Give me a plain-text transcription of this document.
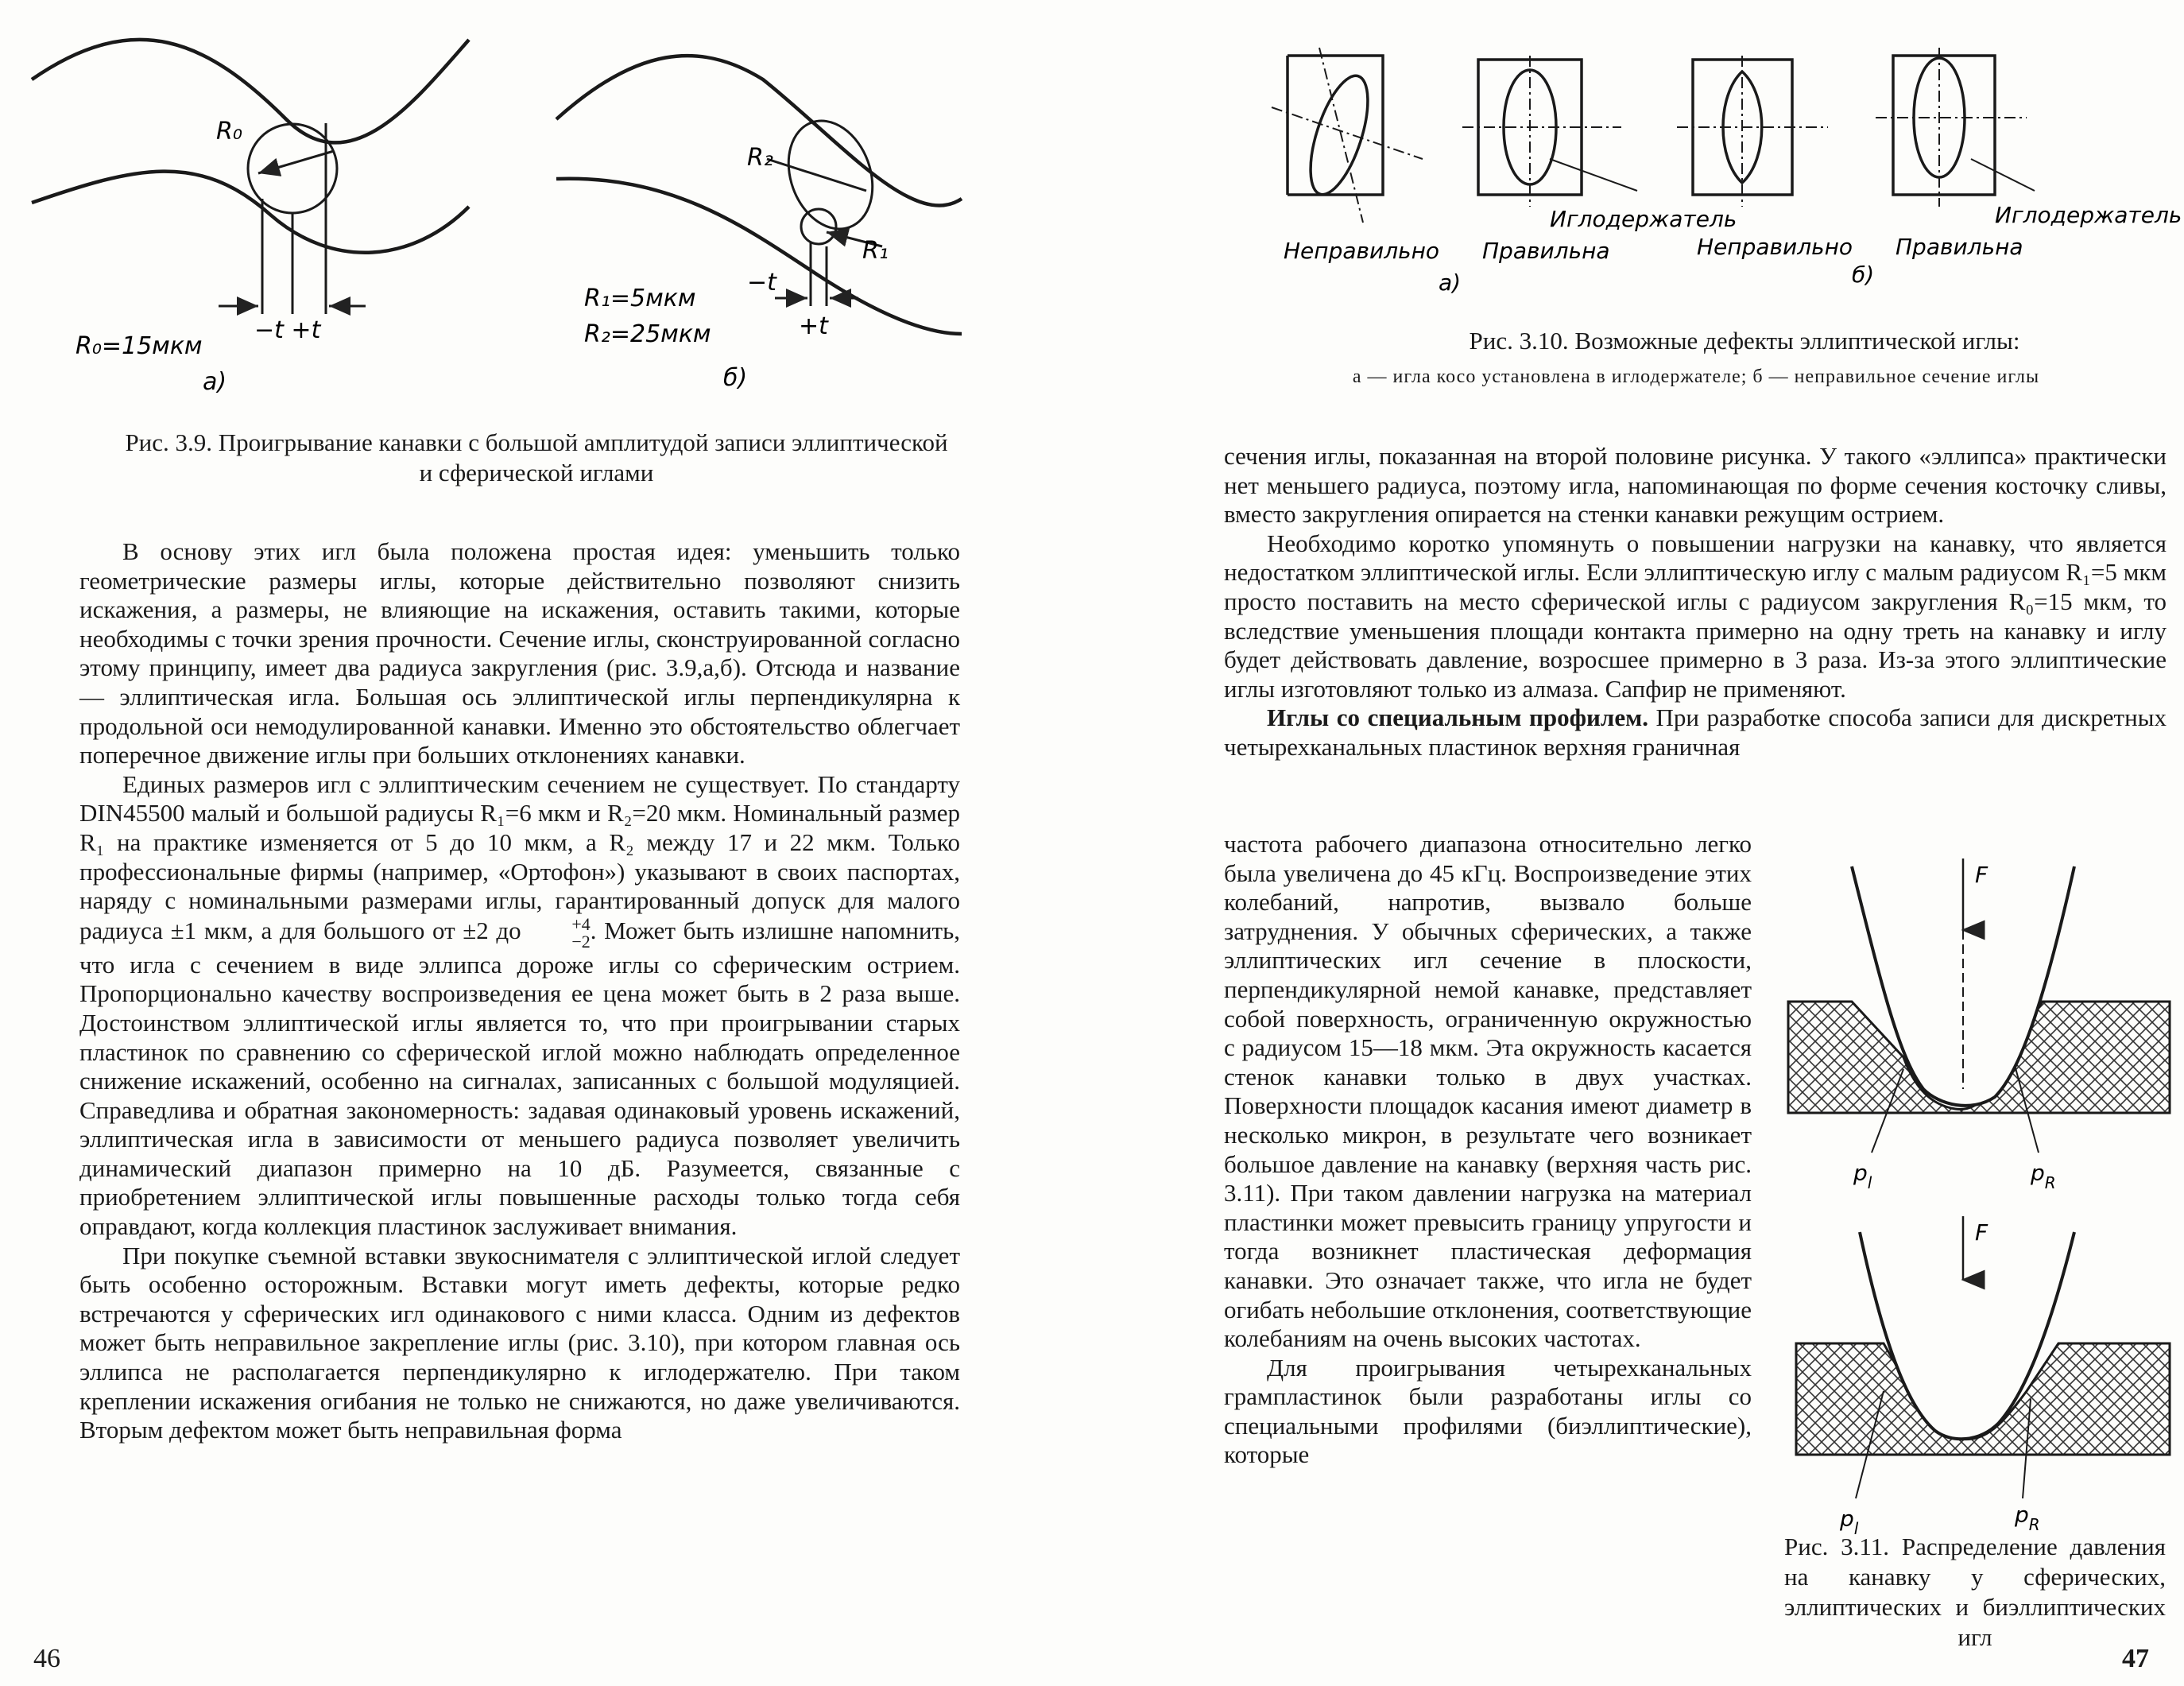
R₀
R₀=15мкм
−t +t
а)
R₂
R₁
R₁=5мкм
R₂=25мкм
−t
+t
б)
Рис. 3.9. Проигрывание канавки с большой амплитудой записи эллиптической и сферической иглами

В основу этих игл была положена простая идея: уменьшить только геометрические размеры иглы, которые действительно позволяют снизить искажения, а размеры, не влияющие на искажения, оставить такими, которые необходимы с точки зрения прочности. Сечение иглы, сконструированной согласно этому принципу, имеет два радиуса закругления (рис. 3.9,а,б). Отсюда и название — эллиптическая игла. Большая ось эллиптической иглы перпендикулярна к продольной оси немодулированной канавки. Именно это обстоятельство облегчает поперечное движение иглы при больших отклонениях канавки.

Единых размеров игл с эллиптическим сечением не существует. По стандарту DIN45500 малый и большой радиусы R₁=6 мкм и R₂=20 мкм. Номинальный размер R₁ на практике изменяется от 5 до 10 мкм, а R₂ между 17 и 22 мкм. Только профессиональные фирмы (например, «Ортофон») указывают в своих паспортах, наряду с номинальными размерами иглы, гарантированный допуск для малого радиуса ±1 мкм, а для большого от ±2 до	+4
−2 . Может быть излишне напомнить, что игла с сечением в виде эллипса дороже иглы со сферическим острием. Пропорционально качеству воспроизведения ее цена может быть в 2 раза выше. Достоинством эллиптической иглы является то, что при проигрывании старых пластинок по сравнению со сферической иглой можно наблюдать определенное снижение искажений, особенно на сигналах, записанных с большой модуляцией. Справедлива и обратная закономерность: задавая одинаковый уровень искажений, эллиптическая игла в зависимости от меньшего радиуса позволяет увеличить динамический диапазон примерно на 10 дБ. Разумеется, связанные с приобретением эллиптической иглы повышенные расходы только тогда себя оправдают, когда коллекция пластинок заслуживает внимания.

При покупке съемной вставки звукоснимателя с эллиптической иглой следует быть особенно осторожным. Вставки могут иметь дефекты, которые редко встречаются у сферических игл одинакового с ними класса. Одним из дефектов может быть неправильное закрепление иглы (рис. 3.10), при котором главная ось эллипса не располагается перпендикулярно к иглодержателю. При таком креплении искажения огибания не только не снижаются, но даже увеличиваются. Вторым дефектом может быть неправильная форма

46
Неправильно Правильна
Иглодержатель
а)
Неправильно Правильна
Иглодержатель
б)
Рис. 3.10. Возможные дефекты эллиптической иглы:
а — игла косо установлена в иглодержателе; б — неправильное сечение иглы

сечения иглы, показанная на второй половине рисунка. У такого «эллипса» практически нет меньшего радиуса, поэтому игла, напоминающая по форме сечения косточку сливы, вместо закругления опирается на стенки канавки режущим острием.

Необходимо коротко упомянуть о повышении нагрузки на канавку, что является недостатком эллиптической иглы. Если эллиптическую иглу с малым радиусом R₁=5 мкм просто поставить на место сферической иглы с радиусом закругления R₀=15 мкм, то вследствие уменьшения площади контакта примерно на одну треть на канавку и иглу будет действовать давление, возросшее примерно в 3 раза. Из-за этого эллиптические иглы изготовляют только из алмаза. Сапфир не применяют.

Иглы со специальным профилем. При разработке способа записи для дискретных четырехканальных пластинок верхняя граничная

частота рабочего диапазона относительно легко была увеличена до 45 кГц. Воспроизведение этих колебаний, напротив, вызвало больше затруднения. У обычных сферических, а также эллиптических игл сечение в плоскости, перпендикулярной немой канавке, представляет собой поверхность, ограниченную окружностью с радиусом 15—18 мкм. Эта окружность касается стенок канавки только в двух участках. Поверхности площадок касания имеют диаметр в несколько микрон, в результате чего возникает большое давление на канавку (верхняя часть рис. 3.11). При таком давлении нагрузка на материал пластинки может превысить границу упругости и тогда возникнет пластическая деформация канавки. Это означает также, что игла не будет огибать небольшие отклонения, соответствующие колебаниям на очень высоких частотах.

Для проигрывания четырехканальных грампластинок были разработаны иглы со специальными профилями (биэллиптические), которые

F
$p_l$	$p_R$
F
$p_l$
$p_R$
Рис. 3.11. Распределение давления на канавку у сферических, эллиптических и биэллиптических игл
47
